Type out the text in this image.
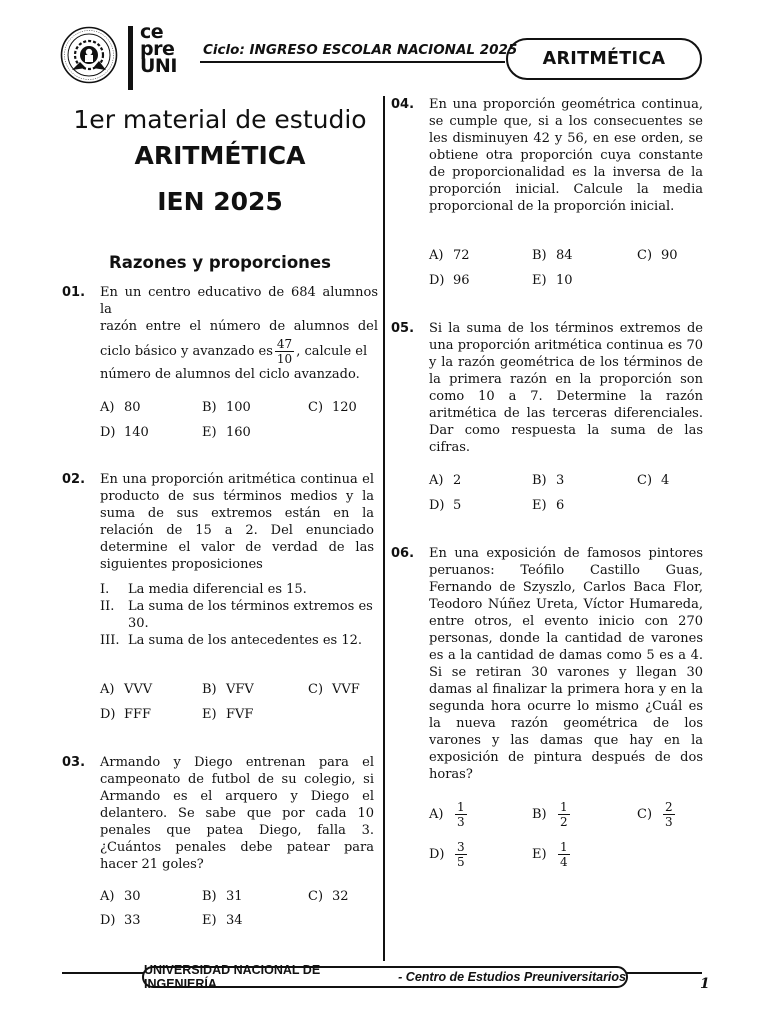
ce
pre
UNI
Ciclo: INGRESO ESCOLAR NACIONAL 2025	ARITMÉTICA
1er material de estudio
ARITMÉTICA
IEN 2025
Razones y proporciones
01. En un centro educativo de 684 alumnos la
razón entre el número de alumnos del
ciclo básico y avanzado es $\frac{47}{10}$ , calcule el
número de alumnos del ciclo avanzado.
A) 80	B) 100	C) 120
D) 140	E) 160
02. En una proporción aritmética continua el producto de sus términos medios y la suma de sus extremos están en la relación de 15 a 2. Del enunciado determine el valor de verdad de las siguientes proposiciones
I. La media diferencial es 15.
II. La suma de los términos extremos es
30.
III. La suma de los antecedentes es 12.
A) VVV	B) VFV	C) VVF
D) FFF	E) FVF
03. Armando y Diego entrenan para el campeonato de futbol de su colegio, si Armando es el arquero y Diego el delantero. Se sabe que por cada 10 penales que patea Diego, falla 3. ¿Cuántos penales debe patear para hacer 21 goles?
A) 30	B) 31	C) 32
D) 33	E) 34
04. En una proporción geométrica continua, se cumple que, si a los consecuentes se les disminuyen 42 y 56, en ese orden, se obtiene otra proporción cuya constante de proporcionalidad es la inversa de la proporción inicial. Calcule la media proporcional de la proporción inicial.
A) 72	B) 84	C) 90
D) 96	E) 10
05. Si la suma de los términos extremos de una proporción aritmética continua es 70 y la razón geométrica de los términos de la primera razón en la proporción son como 10 a 7. Determine la razón aritmética de las terceras diferenciales. Dar como respuesta la suma de las cifras.
A) 2	B) 3	C) 4
D) 5	E) 6
06. En una exposición de famosos pintores peruanos: Teófilo Castillo Guas, Fernando de Szyszlo, Carlos Baca Flor, Teodoro Núñez Ureta, Víctor Humareda, entre otros, el evento inicio con 270 personas, donde la cantidad de varones es a la cantidad de damas como 5 es a 4. Si se retiran 30 varones y llegan 30 damas al finalizar la primera hora y en la segunda hora ocurre lo mismo ¿Cuál es la nueva razón geométrica de los varones y las damas que hay en la exposición de pintura después de dos horas?
$A) \frac{1}{3}$	$B) \frac{1}{2}$	$C) \frac{2}{3}$
$D) \frac{3}{5}$	$E) \frac{1}{4}$
UNIVERSIDAD NACIONAL DE INGENIERÍA	- Centro de Estudios Preuniversitarios	1
